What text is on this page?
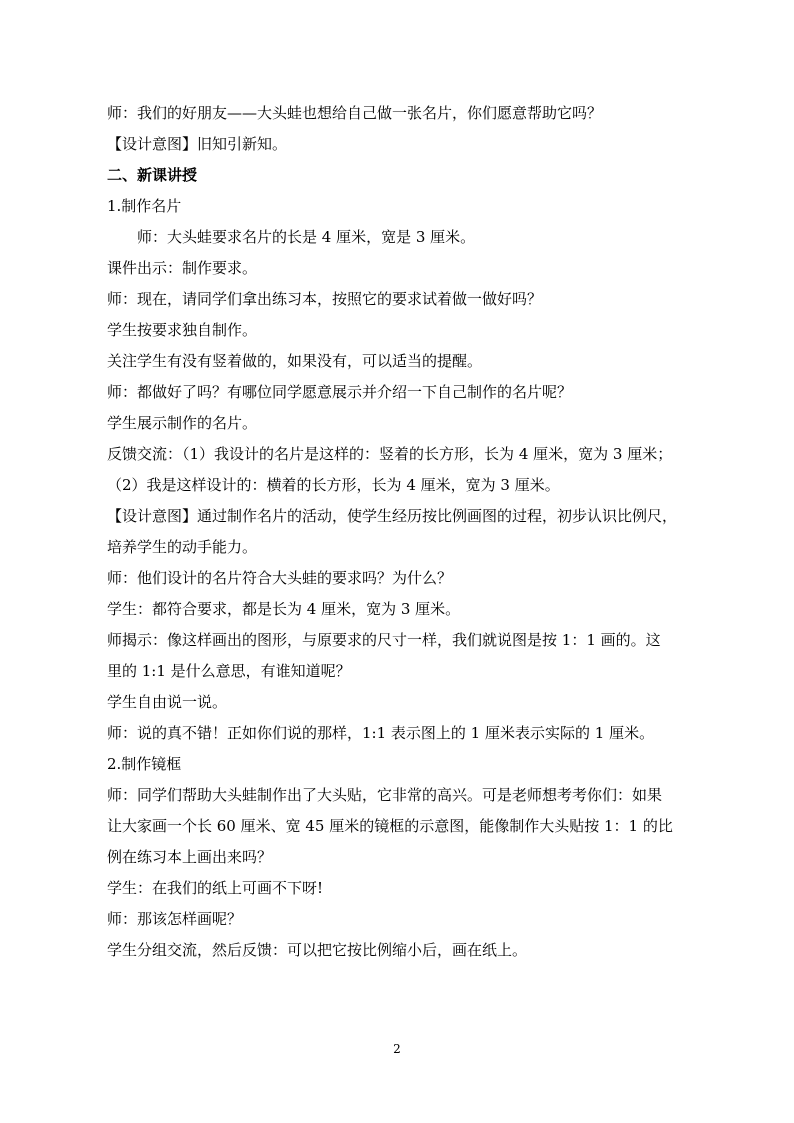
师：我们的好朋友——大头蛙也想给自己做一张名片，你们愿意帮助它吗？
【设计意图】旧知引新知。
二、新课讲授
1.制作名片
师：大头蛙要求名片的长是 4 厘米，宽是 3 厘米。
课件出示：制作要求。
师：现在，请同学们拿出练习本，按照它的要求试着做一做好吗？
学生按要求独自制作。
关注学生有没有竖着做的，如果没有，可以适当的提醒。
师：都做好了吗？有哪位同学愿意展示并介绍一下自己制作的名片呢？
学生展示制作的名片。
反馈交流：（1）我设计的名片是这样的：竖着的长方形，长为 4 厘米，宽为 3 厘米；
（2）我是这样设计的：横着的长方形，长为 4 厘米，宽为 3 厘米。
【设计意图】通过制作名片的活动，使学生经历按比例画图的过程，初步认识比例尺，
培养学生的动手能力。
师：他们设计的名片符合大头蛙的要求吗？为什么？
学生：都符合要求，都是长为 4 厘米，宽为 3 厘米。
师揭示：像这样画出的图形，与原要求的尺寸一样，我们就说图是按 1：1 画的。这
里的 1:1 是什么意思，有谁知道呢？
学生自由说一说。
师：说的真不错！正如你们说的那样，1:1 表示图上的 1 厘米表示实际的 1 厘米。
2.制作镜框
师：同学们帮助大头蛙制作出了大头贴，它非常的高兴。可是老师想考考你们：如果
让大家画一个长 60 厘米、宽 45 厘米的镜框的示意图，能像制作大头贴按 1：1 的比
例在练习本上画出来吗？
学生：在我们的纸上可画不下呀!
师：那该怎样画呢？
学生分组交流，然后反馈：可以把它按比例缩小后，画在纸上。
2
